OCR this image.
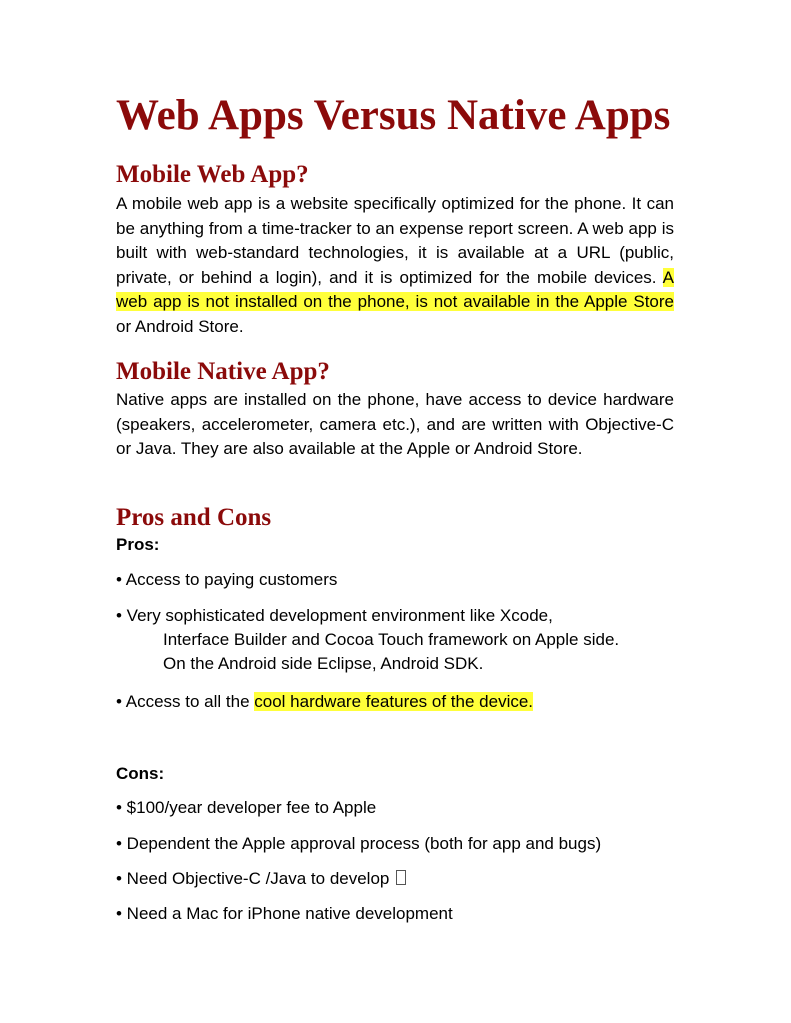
Web Apps Versus Native Apps
Mobile Web App?

A mobile web app is a website specifically optimized for the phone. It can be anything from a time-tracker to an expense report screen. A web app is built with web-standard technologies, it is available at a URL (public, private, or behind a login), and it is optimized for the mobile devices. A web app is not installed on the phone, is not available in the Apple Store or Android Store.

Mobile Native App?

Native apps are installed on the phone, have access to device hardware (speakers, accelerometer, camera etc.), and are written with Objective-C or Java. They are also available at the Apple or Android Store.

Pros and Cons

Pros:

• Access to paying customers

• Very sophisticated development environment like Xcode,
Interface Builder and Cocoa Touch framework on Apple side.
On the Android side Eclipse, Android SDK.

• Access to all the cool hardware features of the device.

Cons:

• $100/year developer fee to Apple

• Dependent the Apple approval process (both for app and bugs)

• Need Objective-C /Java to develop

• Need a Mac for iPhone native development
